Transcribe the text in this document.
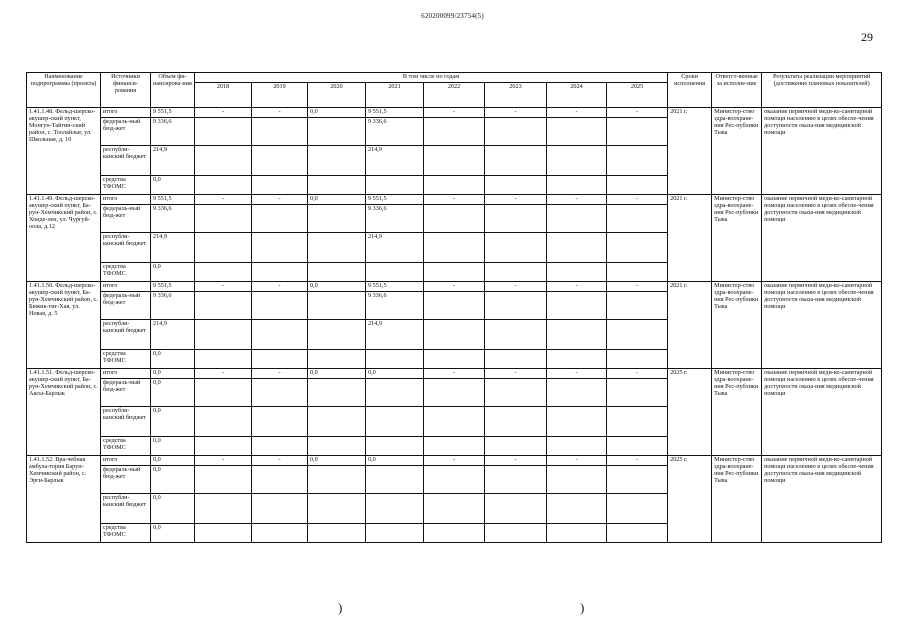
620200099/23754(5)
29
Наименование подпрограммы (проекта)	Источники финанси-рования	Объем фи-нансирова-ния	В том числе по годам								Сроки исполнения	Ответст-венные за исполне-ние	Результаты реализации мероприятий (достижение плановых показателей)
			2018	2019	2020	2021	2022	2023	2024	2025			
1.41.1.48. Фельд-шерско-акушер-ский пункт, Монгун-Тайгин-ский район, с. Тоолайлыг, ул. Школьная, д. 10	итого	9 551,5	-	-	0,0	9 551,5	-	-	-	-	2021 г.	Министер-ство здра-воохране-ния Рес-публики Тыва	оказание первичной меди-ко-санитарной помощи населению в целях обеспе-чения доступности оказа-ния медицинской помощи
	федераль-ный бюд-жет	9 336,6				9 336,6							
	республи-канский бюджет	214,9				214,9							
	средства ТФОМС	0,0											
1.41.1.49. Фельд-шерско-акушер-ский пункт, Ба-рун-Хемчикский район, с. Хонде-лен, ул. Чургуй-оола, д.12	итого	9 551,5	-	-	0,0	9 551,5	-	-	-	-	2021 г.	Министер-ство здра-воохране-ния Рес-публики Тыва	оказание первичной меди-ко-санитарной помощи населению в целях обеспе-чения доступности оказа-ния медицинской помощи
	федераль-ный бюд-жет	9 336,6				9 336,6							
	республи-канский бюджет	214,9				214,9							
	средства ТФОМС	0,0											
1.41.1.50. Фельд-шерско-акушер-ский пункт, Ба-рун-Хемчикский район, с. Бижик-тиг-Хая, ул. Новая, д. 5	итого	9 551,5	-	-	0,0	9 551,5	-	-	-	-	2021 г.	Министер-ство здра-воохране-ния Рес-публики Тыва	оказание первичной меди-ко-санитарной помощи населению в целях обеспе-чения доступности оказа-ния медицинской помощи
	федераль-ный бюд-жет	9 336,6				9 336,6							
	республи-канский бюджет	214,9				214,9							
	средства ТФОМС	0,0											
1.41.1.51. Фельд-шерско-акушер-ский пункт, Ба-рун-Хемчикский район, с. Аксы-Барлык	итого	0,0	-	-	0,0	0,0	-	-	-	-	2025 г.	Министер-ство здра-воохране-ния Рес-публики Тыва	оказание первичной меди-ко-санитарной помощи населению в целях обеспе-чения доступности оказа-ния медицинской помощи
	федераль-ный бюд-жет	0,0											
	республи-канский бюджет	0,0											
	средства ТФОМС	0,0											
1.41.1.52. Вра-чебная амбула-тория Барун-Хемчикский район, с. Эрги-Барлык	итого	0,0	-	-	0,0	0,0	-	-	-	-	2025 г.	Министер-ство здра-воохране-ния Рес-публики Тыва	оказание первичной меди-ко-санитарной помощи населению в целях обеспе-чения доступности оказа-ния медицинской помощи
	федераль-ный бюд-жет	0,0											
	республи-канский бюджет	0,0											
	средства ТФОМС	0,0											
)	)
